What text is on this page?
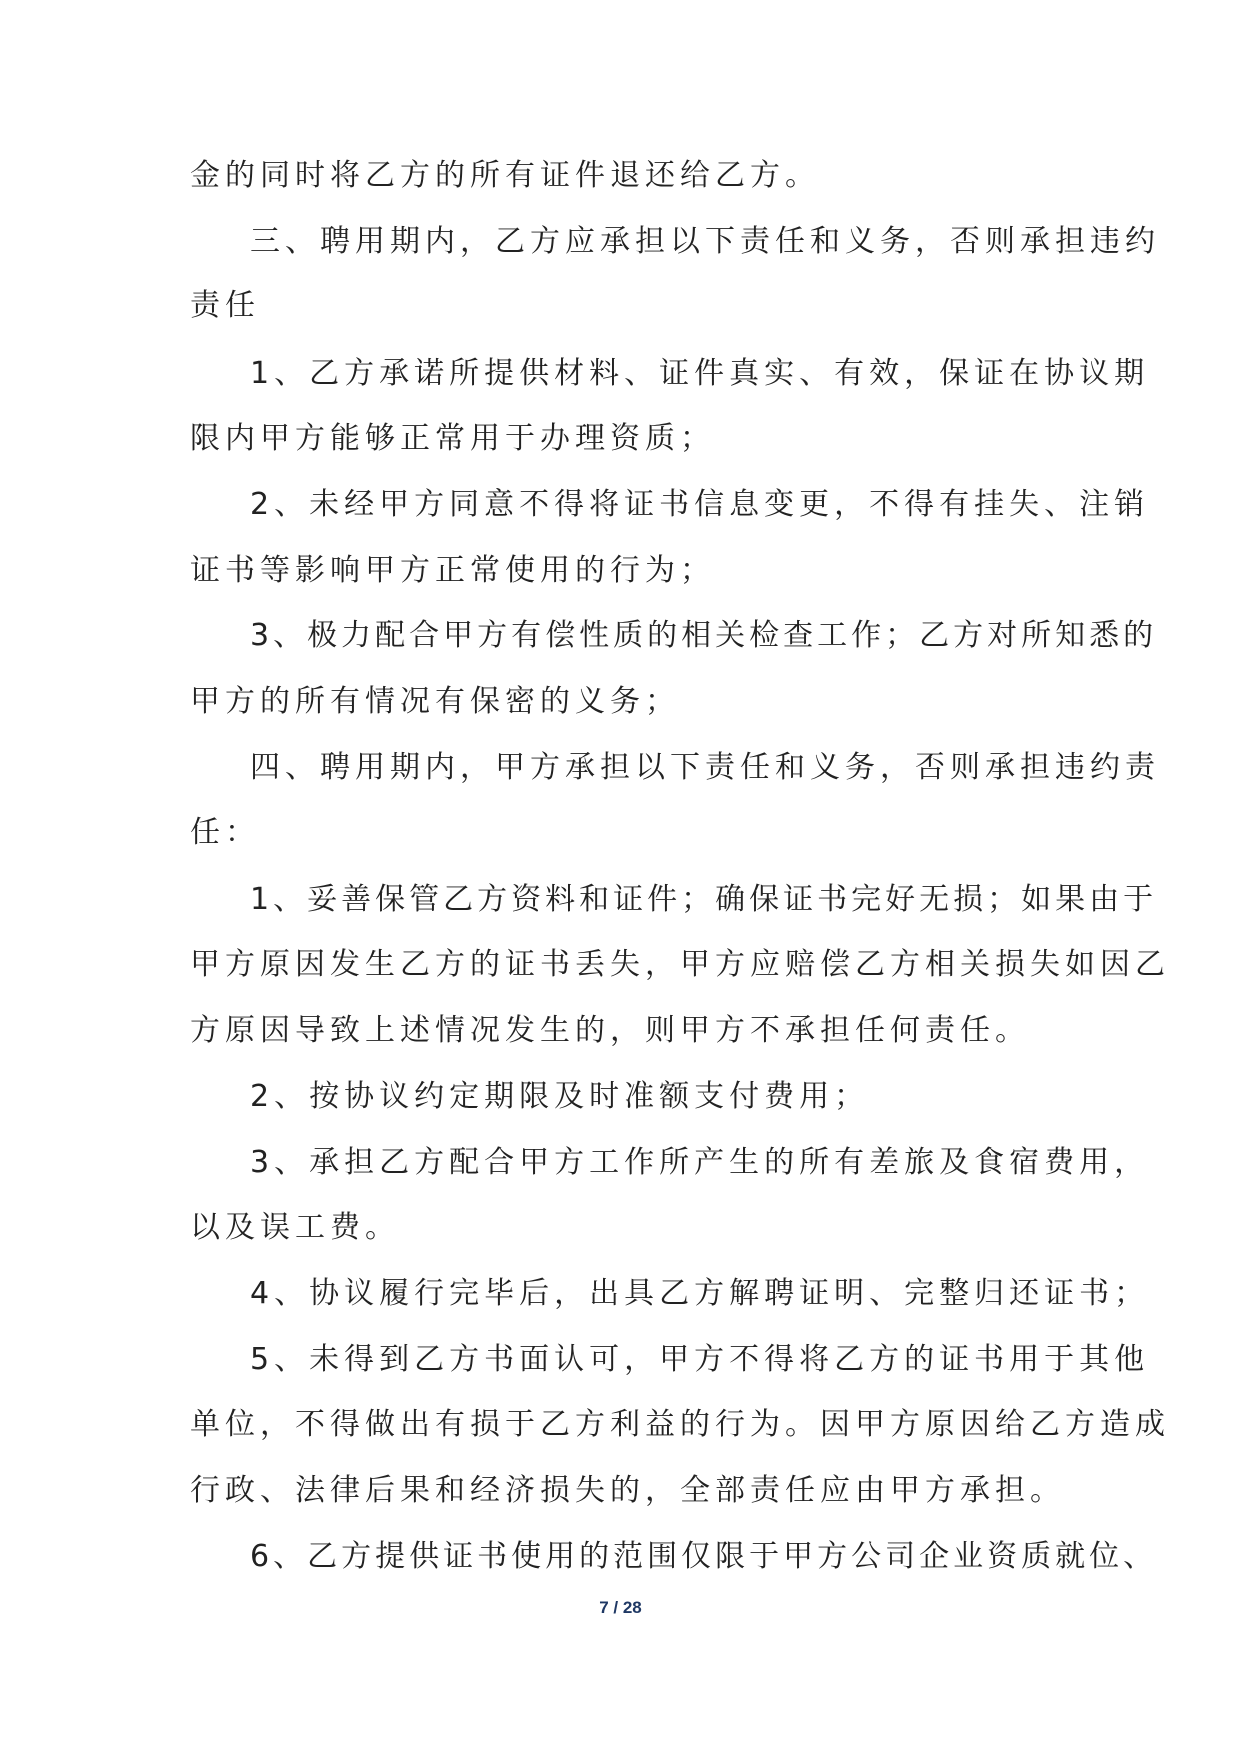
金的同时将乙方的所有证件退还给乙方。
三、聘用期内，乙方应承担以下责任和义务，否则承担违约
责任
1、乙方承诺所提供材料、证件真实、有效，保证在协议期
限内甲方能够正常用于办理资质；
2、未经甲方同意不得将证书信息变更，不得有挂失、注销
证书等影响甲方正常使用的行为；
3、极力配合甲方有偿性质的相关检查工作；乙方对所知悉的
甲方的所有情况有保密的义务；
四、聘用期内，甲方承担以下责任和义务，否则承担违约责
任：
1、妥善保管乙方资料和证件；确保证书完好无损；如果由于
甲方原因发生乙方的证书丢失，甲方应赔偿乙方相关损失如因乙
方原因导致上述情况发生的，则甲方不承担任何责任。
2、按协议约定期限及时准额支付费用；
3、承担乙方配合甲方工作所产生的所有差旅及食宿费用，
以及误工费。
4、协议履行完毕后，出具乙方解聘证明、完整归还证书；
5、未得到乙方书面认可，甲方不得将乙方的证书用于其他
单位，不得做出有损于乙方利益的行为。因甲方原因给乙方造成
行政、法律后果和经济损失的，全部责任应由甲方承担。
6、乙方提供证书使用的范围仅限于甲方公司企业资质就位、
7 / 28
